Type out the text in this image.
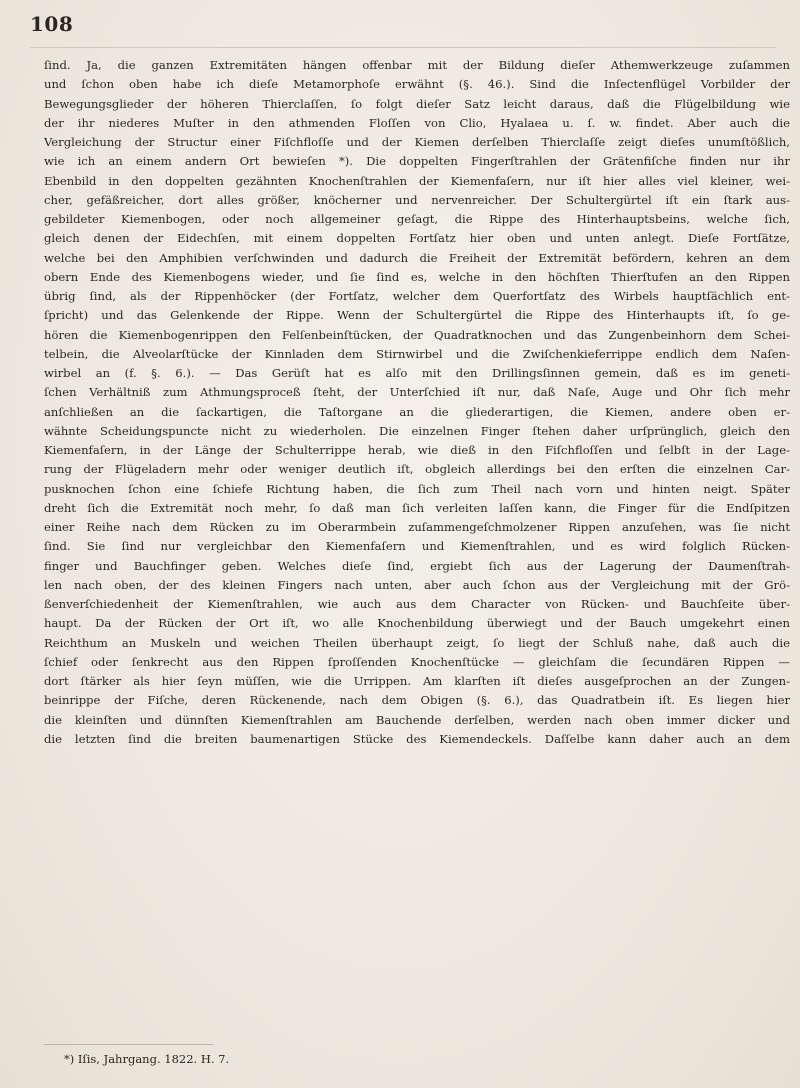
108
ſind. Ja, die ganzen Extremitäten hängen offenbar mit der Bildung dieſer Athemwerkzeuge zuſammen
und ſchon oben habe ich dieſe Metamorphoſe erwähnt (§. 46.). Sind die Inſectenflügel Vorbilder der
Bewegungsglieder der höheren Thierclaſſen, ſo folgt dieſer Satz leicht daraus, daß die Flügelbildung wie
der ihr niederes Muſter in den athmenden Floſſen von Clio, Hyalaea u. ſ. w. findet. Aber auch die
Vergleichung der Structur einer Fiſchfloſſe und der Kiemen derſelben Thierclaſſe zeigt dieſes unumſtößlich,
wie ich an einem andern Ort bewieſen *). Die doppelten Fingerſtrahlen der Grätenfiſche finden nur ihr
Ebenbild in den doppelten gezähnten Knochenſtrahlen der Kiemenfaſern, nur iſt hier alles viel kleiner, wei-
cher, gefäßreicher, dort alles größer, knöcherner und nervenreicher. Der Schultergürtel iſt ein ſtark aus-
gebildeter Kiemenbogen, oder noch allgemeiner geſagt, die Rippe des Hinterhauptsbeins, welche ſich,
gleich denen der Eidechſen, mit einem doppelten Fortſatz hier oben und unten anlegt. Dieſe Fortſätze,
welche bei den Amphibien verſchwinden und dadurch die Freiheit der Extremität befördern, kehren an dem
obern Ende des Kiemenbogens wieder, und ſie ſind es, welche in den höchſten Thierſtufen an den Rippen
übrig ſind, als der Rippenhöcker (der Fortſatz, welcher dem Querfortſatz des Wirbels hauptſächlich ent-
ſpricht) und das Gelenkende der Rippe. Wenn der Schultergürtel die Rippe des Hinterhaupts iſt, ſo ge-
hören die Kiemenbogenrippen den Felſenbeinſtücken, der Quadratknochen und das Zungenbeinhorn dem Schei-
telbein, die Alveolarſtücke der Kinnladen dem Stirnwirbel und die Zwiſchenkieferrippe endlich dem Naſen-
wirbel an (f. §. 6.). — Das Gerüſt hat es alſo mit den Drillingsſinnen gemein, daß es im geneti-
ſchen Verhältniß zum Athmungsproceß ſteht, der Unterſchied iſt nur, daß Naſe, Auge und Ohr ſich mehr
anſchließen an die ſackartigen, die Taſtorgane an die gliederartigen, die Kiemen, andere oben er-
wähnte Scheidungspuncte nicht zu wiederholen. Die einzelnen Finger ſtehen daher urſprünglich, gleich den
Kiemenfaſern, in der Länge der Schulterrippe herab, wie dieß in den Fiſchfloſſen und ſelbſt in der Lage-
rung der Flügeladern mehr oder weniger deutlich iſt, obgleich allerdings bei den erſten die einzelnen Car-
pusknochen ſchon eine ſchiefe Richtung haben, die ſich zum Theil nach vorn und hinten neigt. Später
dreht ſich die Extremität noch mehr, ſo daß man ſich verleiten laſſen kann, die Finger für die Endſpitzen
einer Reihe nach dem Rücken zu im Oberarmbein zuſammengeſchmolzener Rippen anzuſehen, was ſie nicht
ſind. Sie ſind nur vergleichbar den Kiemenfaſern und Kiemenſtrahlen, und es wird folglich Rücken-
finger und Bauchfinger geben. Welches dieſe ſind, ergiebt ſich aus der Lagerung der Daumenſtrah-
len nach oben, der des kleinen Fingers nach unten, aber auch ſchon aus der Vergleichung mit der Grö-
ßenverſchiedenheit der Kiemenſtrahlen, wie auch aus dem Character von Rücken- und Bauchſeite über-
haupt. Da der Rücken der Ort iſt, wo alle Knochenbildung überwiegt und der Bauch umgekehrt einen
Reichthum an Muskeln und weichen Theilen überhaupt zeigt, ſo liegt der Schluß nahe, daß auch die
ſchief oder ſenkrecht aus den Rippen ſproſſenden Knochenſtücke — gleichſam die ſecundären Rippen —
dort ſtärker als hier ſeyn müſſen, wie die Urrippen. Am klarſten iſt dieſes ausgeſprochen an der Zungen-
beinrippe der Fiſche, deren Rückenende, nach dem Obigen (§. 6.), das Quadratbein iſt. Es liegen hier
die kleinſten und dünnſten Kiemenſtrahlen am Bauchende derſelben, werden nach oben immer dicker und
die letzten ſind die breiten baumenartigen Stücke des Kiemendeckels. Daſſelbe kann daher auch an dem
*) Iſis, Jahrgang. 1822. H. 7.
